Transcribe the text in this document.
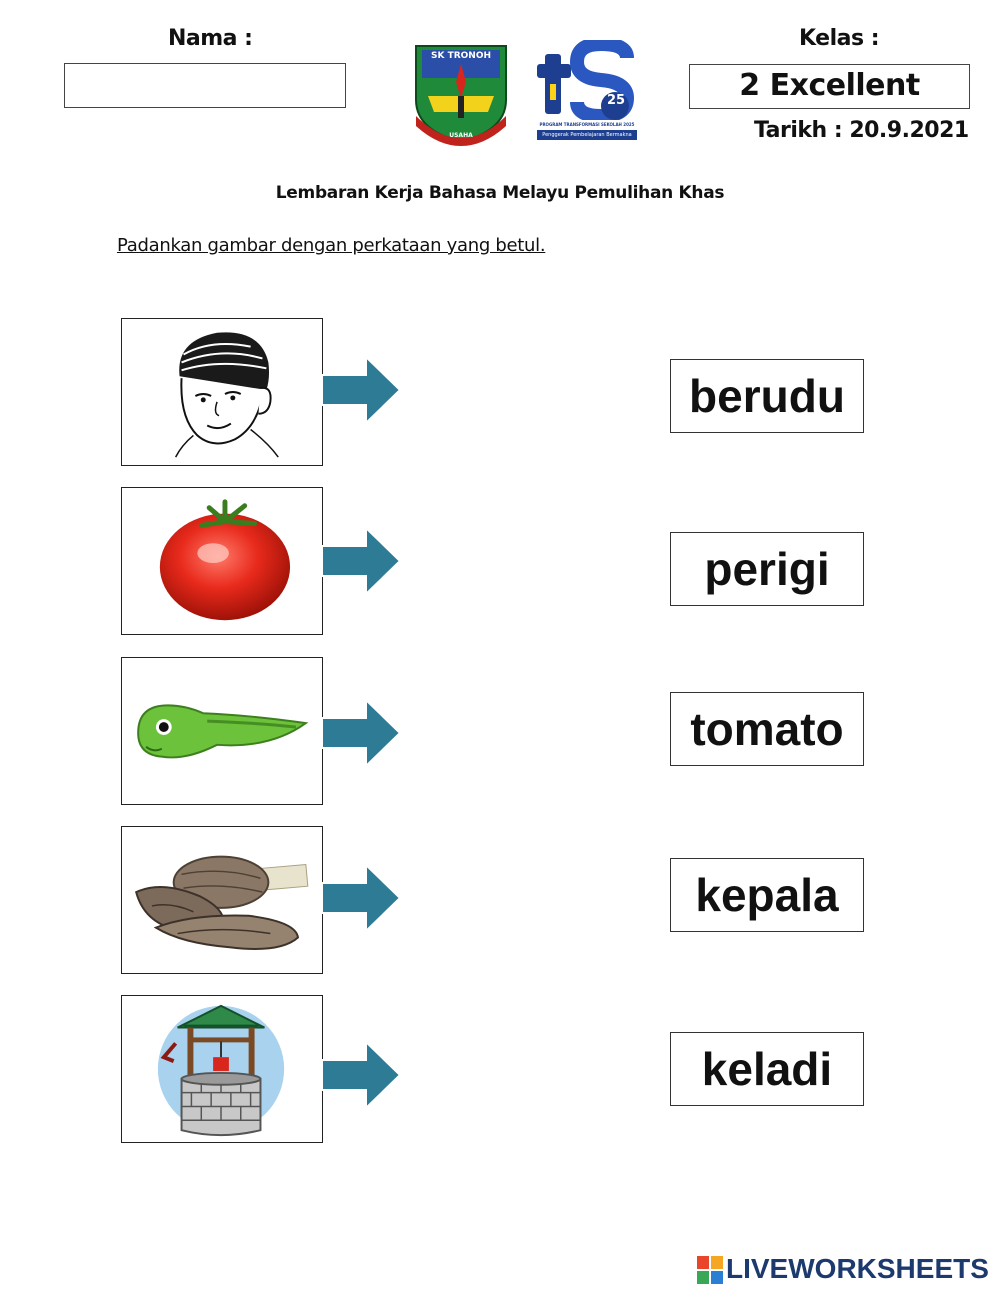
Nama :	Kelas :
2 Excellent
Tarikh : 20.9.2021
SK TRONOH
USAHA
25
PROGRAM TRANSFORMASI SEKOLAH 2025
Penggerak Pembelajaran Bermakna
Lembaran Kerja Bahasa Melayu Pemulihan Khas
Padankan gambar dengan perkataan yang betul.
berudu
perigi
tomato
kepala
keladi
LIVEWORKSHEETS
